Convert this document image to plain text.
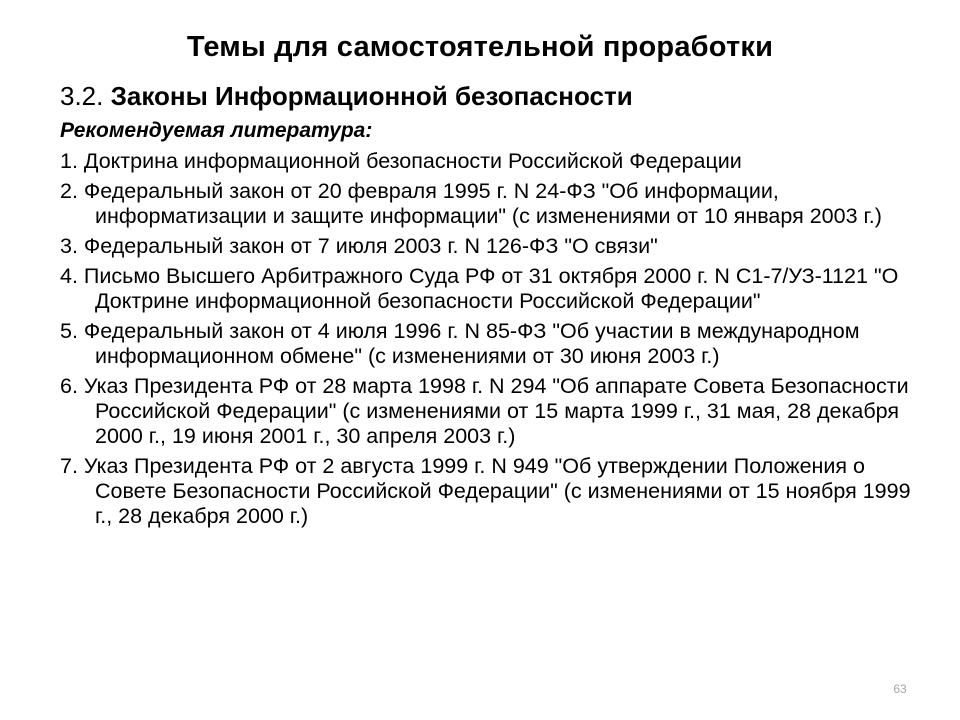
Темы для самостоятельной проработки
3.2. Законы Информационной безопасности
Рекомендуемая литература:
1. Доктрина информационной безопасности Российской Федерации
2. Федеральный закон от 20 февраля 1995 г. N 24-ФЗ "Об информации, информатизации и защите информации" (с изменениями от 10 января 2003 г.)
3. Федеральный закон от 7 июля 2003 г. N 126-ФЗ "О связи"
4. Письмо Высшего Арбитражного Суда РФ от 31 октября 2000 г. N С1-7/УЗ-1121 "О Доктрине информационной безопасности Российской Федерации"
5. Федеральный закон от 4 июля 1996 г. N 85-ФЗ "Об участии в международном информационном обмене" (с изменениями от 30 июня 2003 г.)
6. Указ Президента РФ от 28 марта 1998 г. N 294 "Об аппарате Совета Безопасности Российской Федерации" (с изменениями от 15 марта 1999 г., 31 мая, 28 декабря 2000 г., 19 июня 2001 г., 30 апреля 2003 г.)
7. Указ Президента РФ от 2 августа 1999 г. N 949 "Об утверждении Положения о Совете Безопасности Российской Федерации" (с изменениями от 15 ноября 1999 г., 28 декабря 2000 г.)
63
